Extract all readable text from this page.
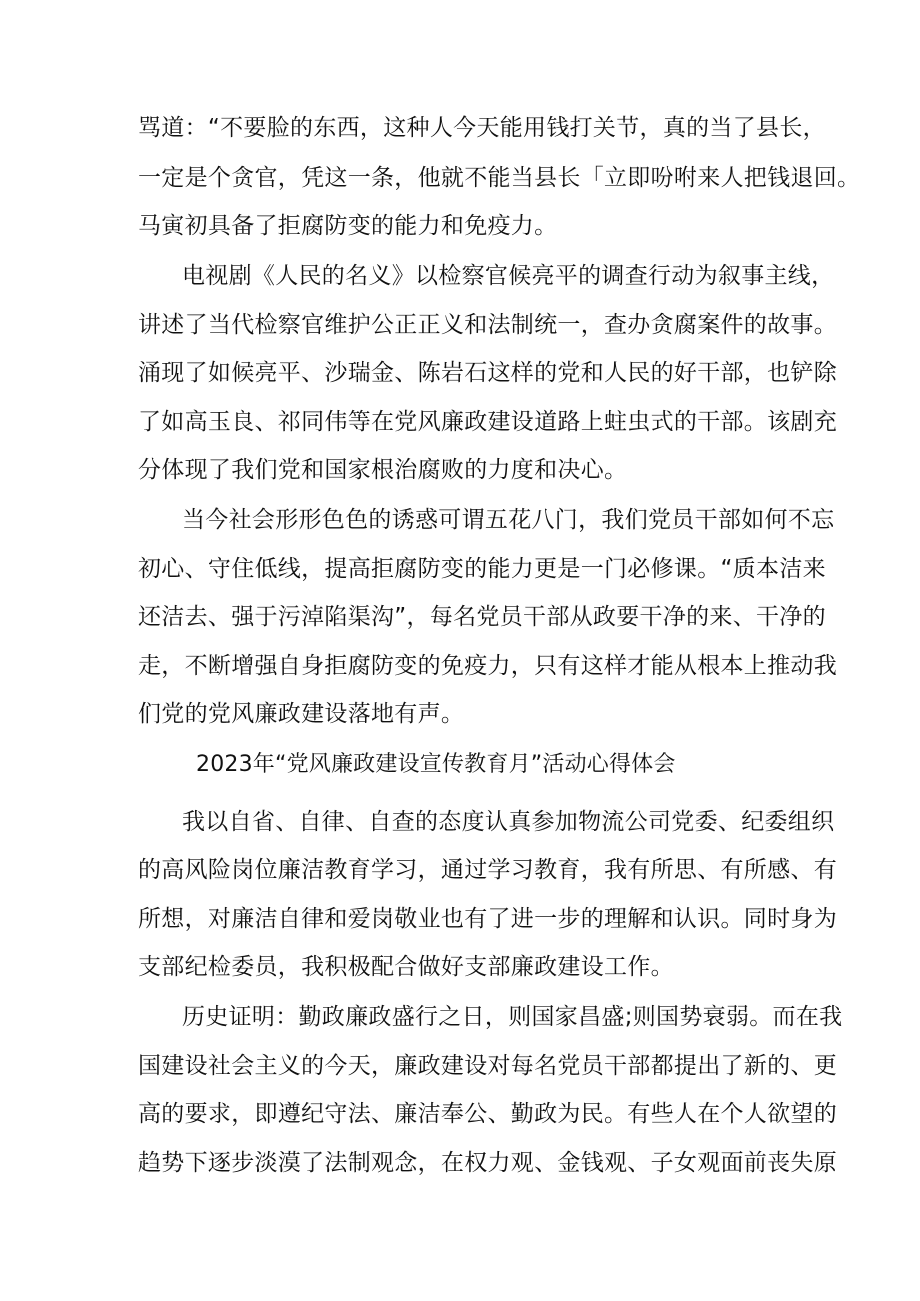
骂道：“不要脸的东西，这种人今天能用钱打关节，真的当了县长，
一定是个贪官，凭这一条，他就不能当县长「立即吩咐来人把钱退回。
马寅初具备了拒腐防变的能力和免疫力。
电视剧《人民的名义》以检察官候亮平的调查行动为叙事主线，
讲述了当代检察官维护公正正义和法制统一，查办贪腐案件的故事。
涌现了如候亮平、沙瑞金、陈岩石这样的党和人民的好干部，也铲除
了如高玉良、祁同伟等在党风廉政建设道路上蛀虫式的干部。该剧充
分体现了我们党和国家根治腐败的力度和决心。
当今社会形形色色的诱惑可谓五花八门，我们党员干部如何不忘
初心、守住低线，提高拒腐防变的能力更是一门必修课。“质本洁来
还洁去、强于污淖陷渠沟”，每名党员干部从政要干净的来、干净的
走，不断增强自身拒腐防变的免疫力，只有这样才能从根本上推动我
们党的党风廉政建设落地有声。
2023年“党风廉政建设宣传教育月”活动心得体会
我以自省、自律、自查的态度认真参加物流公司党委、纪委组织
的高风险岗位廉洁教育学习，通过学习教育，我有所思、有所感、有
所想，对廉洁自律和爱岗敬业也有了进一步的理解和认识。同时身为
支部纪检委员，我积极配合做好支部廉政建设工作。
历史证明：勤政廉政盛行之日，则国家昌盛;则国势衰弱。而在我
国建设社会主义的今天，廉政建设对每名党员干部都提出了新的、更
高的要求，即遵纪守法、廉洁奉公、勤政为民。有些人在个人欲望的
趋势下逐步淡漠了法制观念，在权力观、金钱观、子女观面前丧失原
